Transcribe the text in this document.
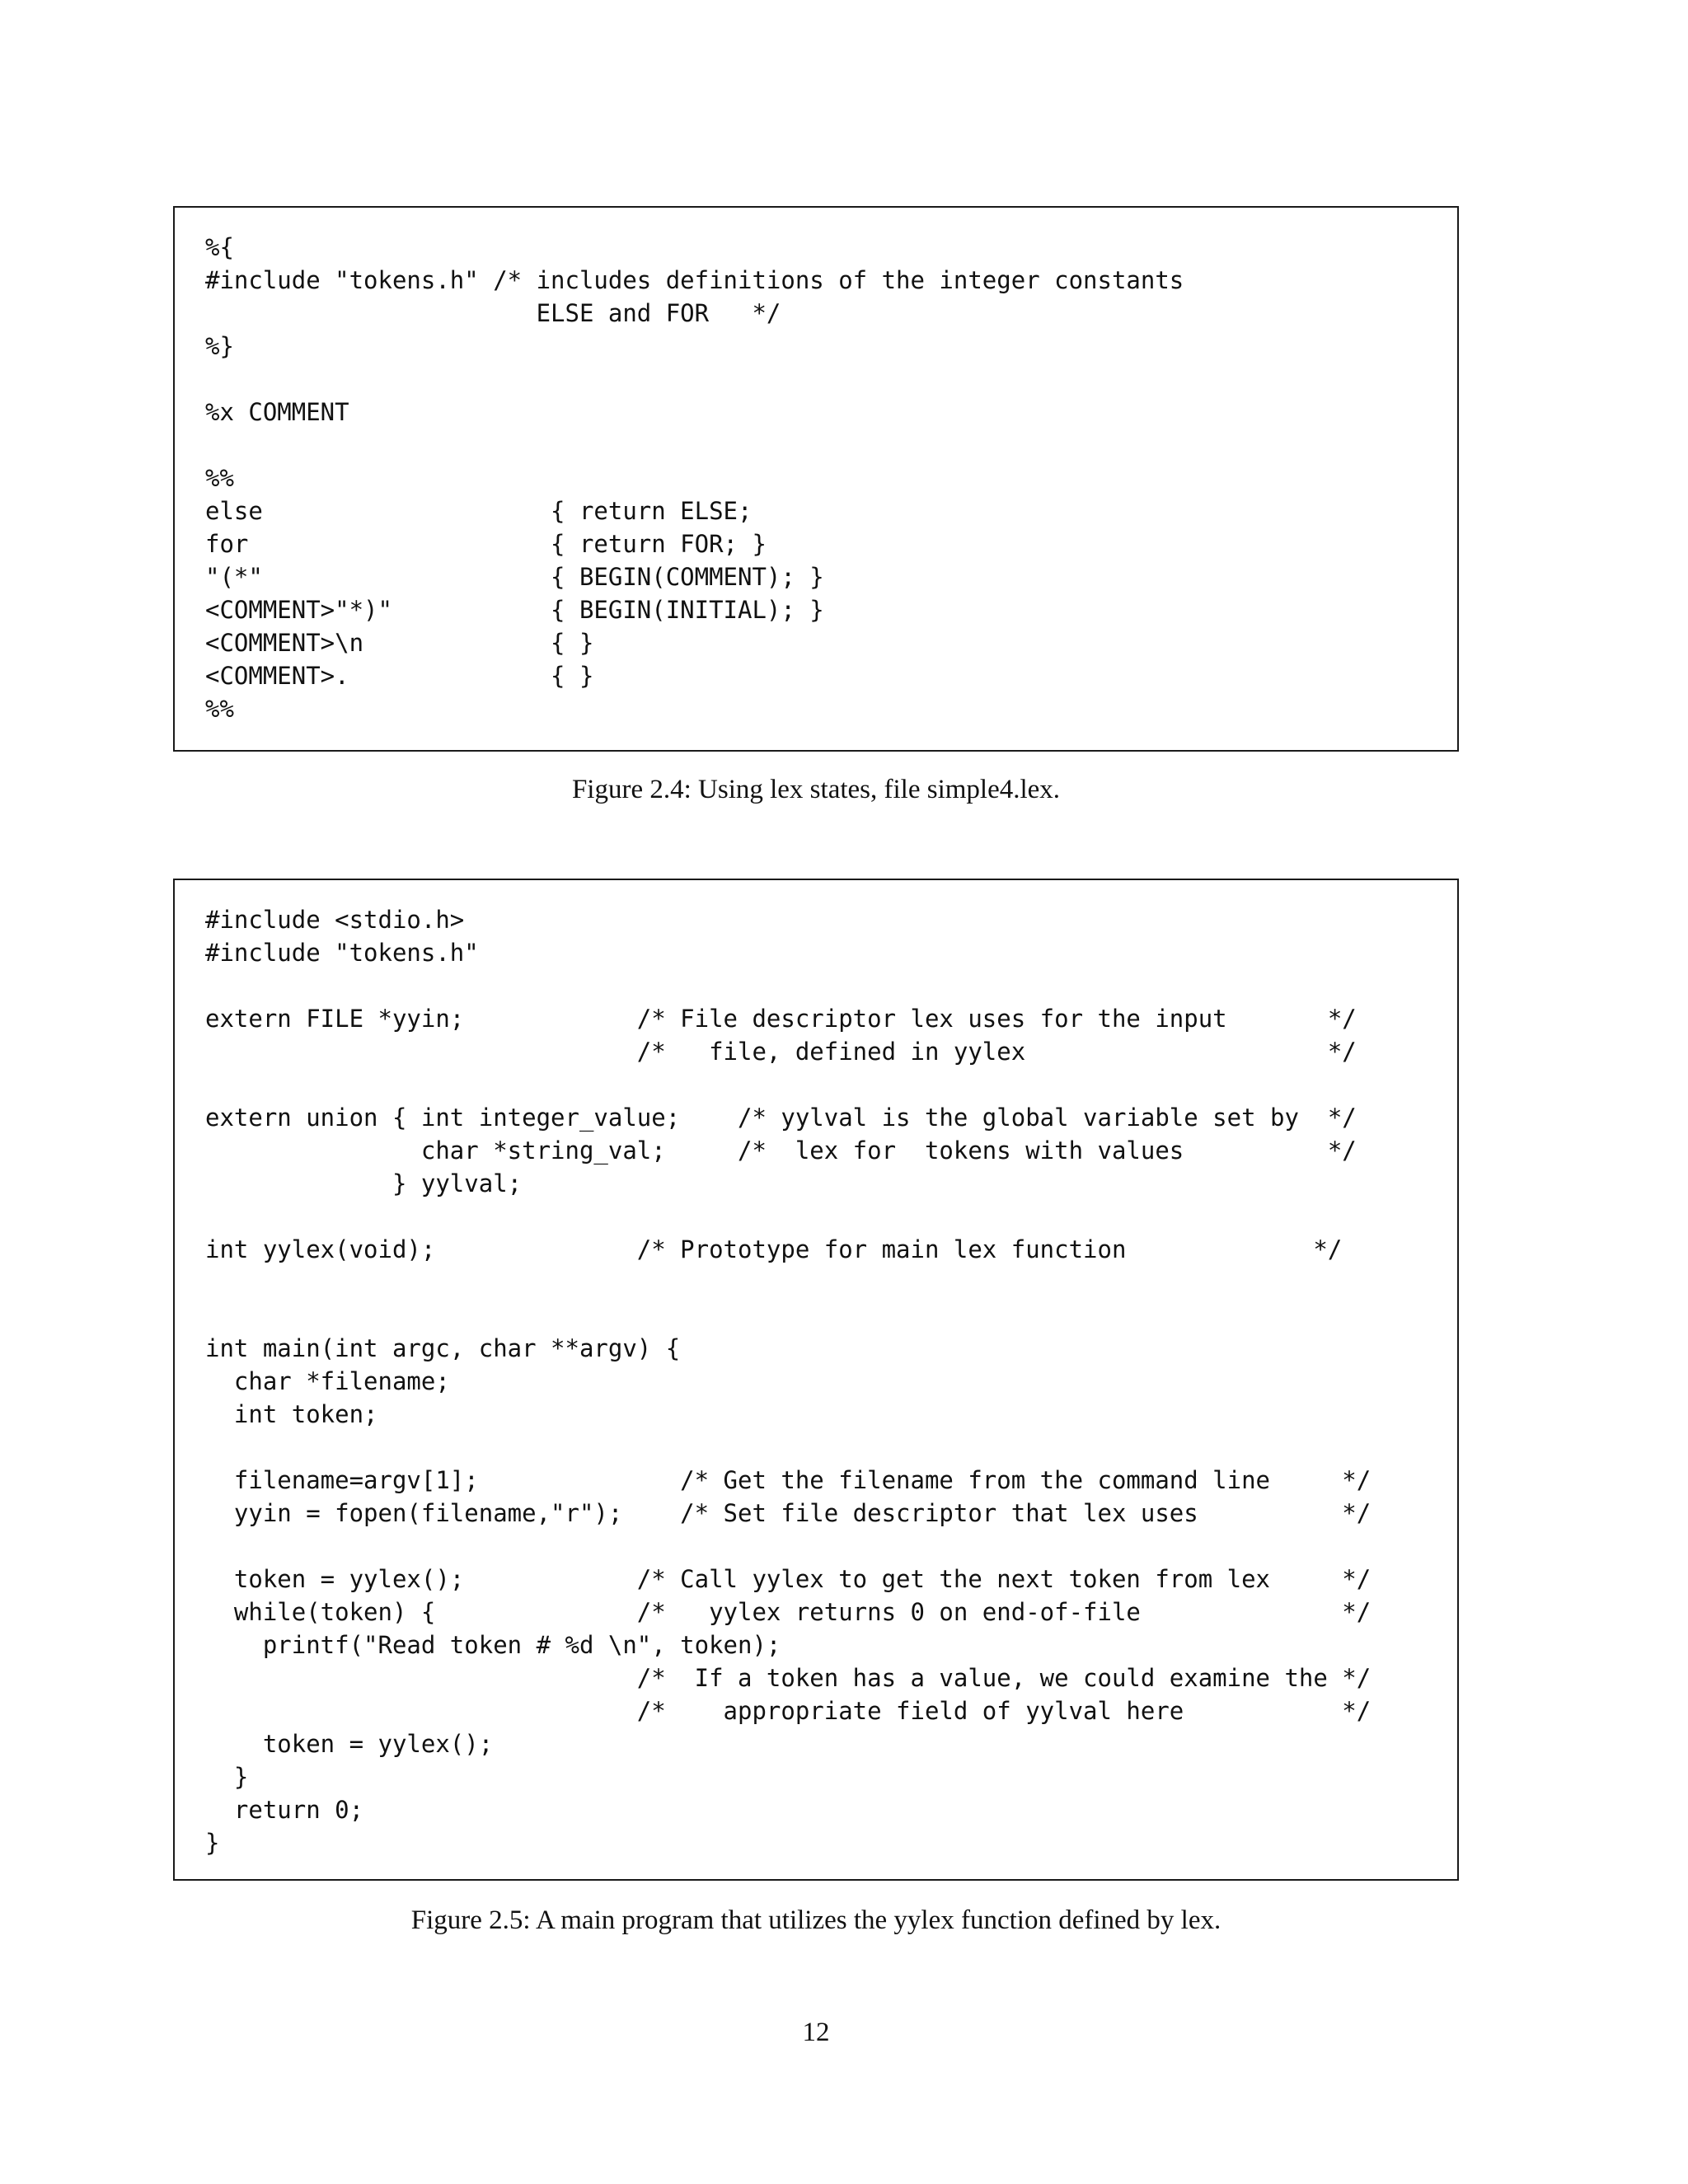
%{
#include "tokens.h" /* includes definitions of the integer constants
ELSE and FOR   */
%}
%x COMMENT
%%
else                    { return ELSE;
for                     { return FOR; }
"(*"                    { BEGIN(COMMENT); }
<COMMENT>"*)"           { BEGIN(INITIAL); }
<COMMENT>\n             { }
<COMMENT>.              { }
%%
Figure 2.4: Using lex states, file simple4.lex.
#include <stdio.h>
#include "tokens.h"
extern FILE *yyin;            /* File descriptor lex uses for the input       */
/*   file, defined in yylex                     */
extern union { int integer_value;    /* yylval is the global variable set by  */
char *string_val;     /*  lex for  tokens with values          */
} yylval;
int yylex(void);              /* Prototype for main lex function             */
int main(int argc, char **argv) {
char *filename;
int token;
filename=argv[1];              /* Get the filename from the command line     */
yyin = fopen(filename,"r");    /* Set file descriptor that lex uses          */
token = yylex();            /* Call yylex to get the next token from lex     */
while(token) {              /*   yylex returns 0 on end-of-file              */
printf("Read token # %d \n", token);
/*  If a token has a value, we could examine the */
/*    appropriate field of yylval here           */
token = yylex();
}
return 0;
}
Figure 2.5: A main program that utilizes the yylex function defined by lex.
12
